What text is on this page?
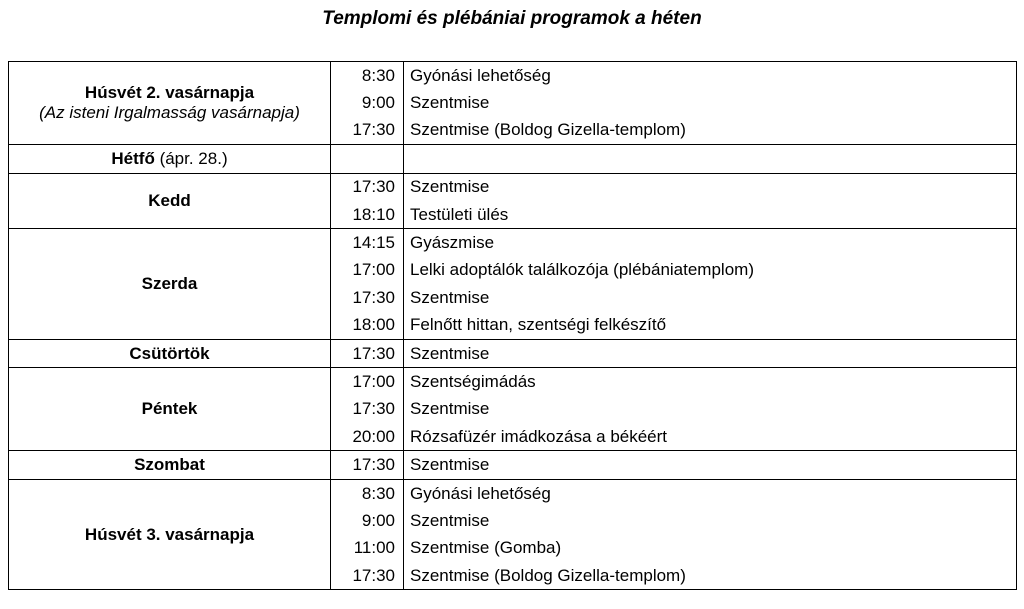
Templomi és plébániai programok a héten
Húsvét 2. vasárnapja
(Az isteni Irgalmasság vasárnapja)	8:30	Gyónási lehetőség
	9:00	Szentmise
	17:30	Szentmise (Boldog Gizella-templom)
Hétfő (ápr. 28.)		
Kedd	17:30	Szentmise
	18:10	Testületi ülés
Szerda	14:15	Gyászmise
	17:00	Lelki adoptálók találkozója (plébániatemplom)
	17:30	Szentmise
	18:00	Felnőtt hittan, szentségi felkészítő
Csütörtök	17:30	Szentmise
Péntek	17:00	Szentségimádás
	17:30	Szentmise
	20:00	Rózsafüzér imádkozása a békéért
Szombat	17:30	Szentmise
Húsvét 3. vasárnapja	8:30	Gyónási lehetőség
	9:00	Szentmise
	11:00	Szentmise (Gomba)
	17:30	Szentmise (Boldog Gizella-templom)
